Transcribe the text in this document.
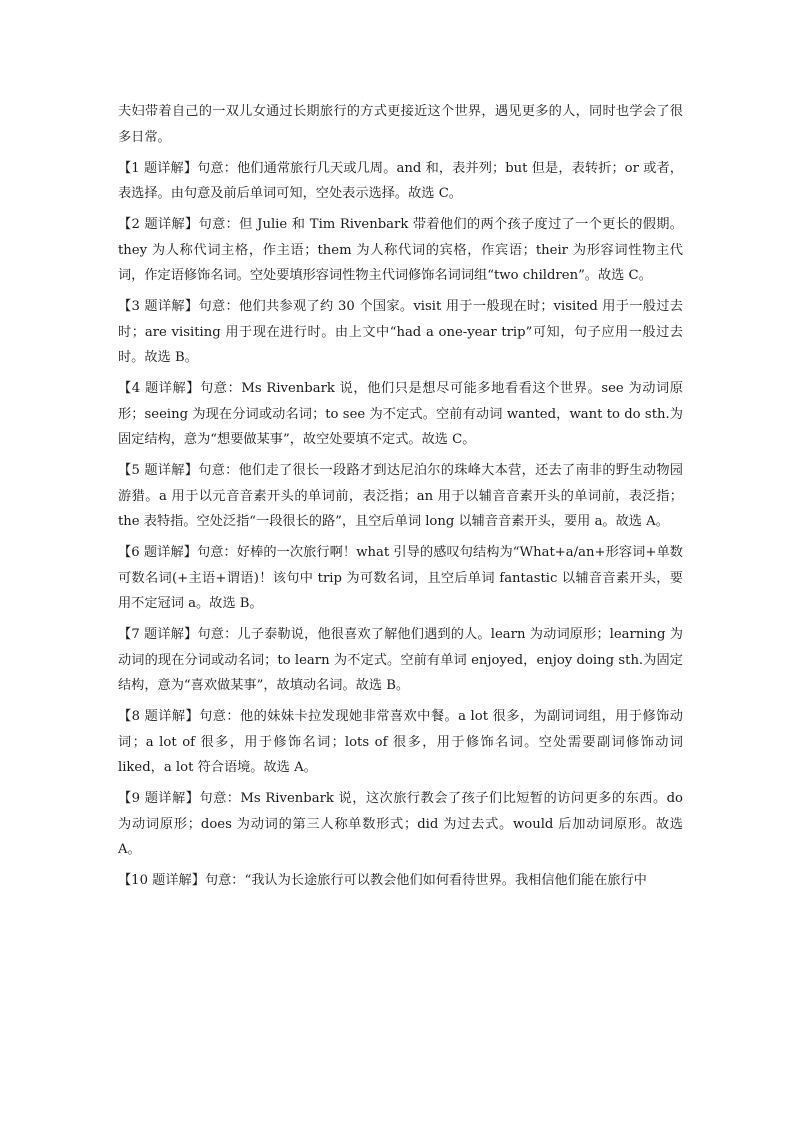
夫妇带着自己的一双儿女通过长期旅行的方式更接近这个世界，遇见更多的人，同时也学会了很多日常。

【1 题详解】句意：他们通常旅行几天或几周。and 和，表并列；but 但是，表转折；or 或者，表选择。由句意及前后单词可知，空处表示选择。故选 C。

【2 题详解】句意：但 Julie 和 Tim Rivenbark 带着他们的两个孩子度过了一个更长的假期。they 为人称代词主格，作主语；them 为人称代词的宾格，作宾语；their 为形容词性物主代词，作定语修饰名词。空处要填形容词性物主代词修饰名词词组“two children”。故选 C。

【3 题详解】句意：他们共参观了约 30 个国家。visit 用于一般现在时；visited 用于一般过去时；are visiting 用于现在进行时。由上文中“had a one-year trip”可知，句子应用一般过去时。故选 B。

【4 题详解】句意：Ms Rivenbark 说，他们只是想尽可能多地看看这个世界。see 为动词原形；seeing 为现在分词或动名词；to see 为不定式。空前有动词 wanted，want to do sth.为固定结构，意为“想要做某事”，故空处要填不定式。故选 C。

【5 题详解】句意：他们走了很长一段路才到达尼泊尔的珠峰大本营，还去了南非的野生动物园游猎。a 用于以元音音素开头的单词前，表泛指；an 用于以辅音音素开头的单词前，表泛指；the 表特指。空处泛指“一段很长的路”，且空后单词 long 以辅音音素开头，要用 a。故选 A。

【6 题详解】句意：好棒的一次旅行啊！what 引导的感叹句结构为“What+a/an+形容词+单数可数名词(+主语+谓语)！该句中 trip 为可数名词，且空后单词 fantastic 以辅音音素开头，要用不定冠词 a。故选 B。

【7 题详解】句意：儿子泰勒说，他很喜欢了解他们遇到的人。learn 为动词原形；learning 为动词的现在分词或动名词；to learn 为不定式。空前有单词 enjoyed，enjoy doing sth.为固定结构，意为“喜欢做某事”，故填动名词。故选 B。

【8 题详解】句意：他的妹妹卡拉发现她非常喜欢中餐。a lot 很多，为副词词组，用于修饰动词；a lot of 很多，用于修饰名词；lots of 很多，用于修饰名词。空处需要副词修饰动词 liked，a lot 符合语境。故选 A。

【9 题详解】句意：Ms Rivenbark 说，这次旅行教会了孩子们比短暂的访问更多的东西。do 为动词原形；does 为动词的第三人称单数形式；did 为过去式。would 后加动词原形。故选 A。

【10 题详解】句意：“我认为长途旅行可以教会他们如何看待世界。我相信他们能在旅行中
